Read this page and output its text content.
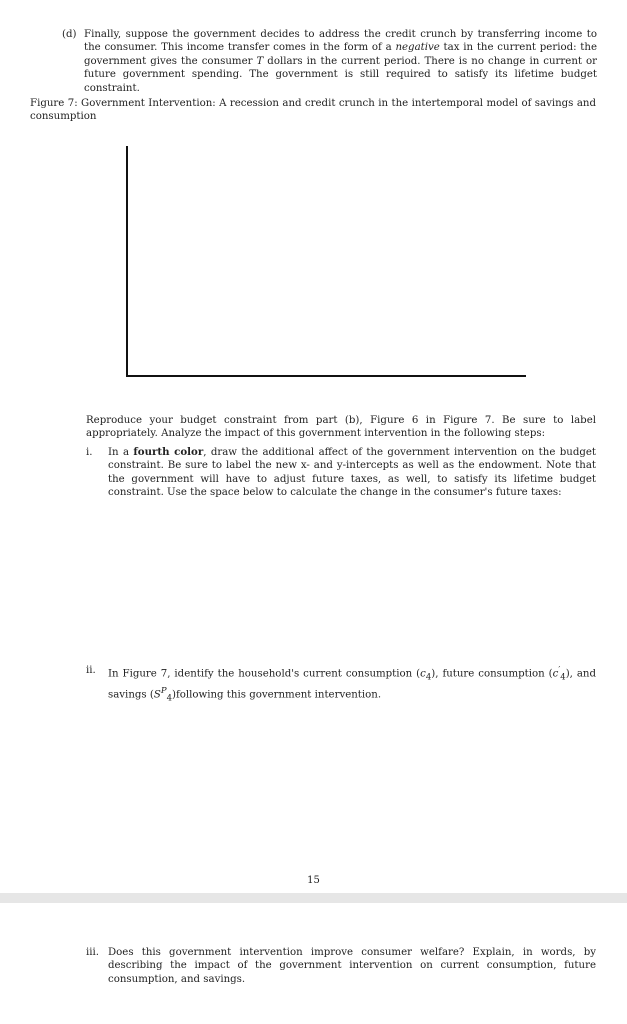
(d) Finally, suppose the government decides to address the credit crunch by transferring income to the consumer. This income transfer comes in the form of a negative tax in the current period: the government gives the consumer T dollars in the current period. There is no change in current or future government spending. The government is still required to satisfy its lifetime budget constraint.
Figure 7: Government Intervention: A recession and credit crunch in the intertemporal model of savings and consumption
Reproduce your budget constraint from part (b), Figure 6 in Figure 7. Be sure to label appropriately. Analyze the impact of this government intervention in the following steps:
i. In a fourth color, draw the additional affect of the government intervention on the budget constraint. Be sure to label the new x- and y-intercepts as well as the endowment. Note that the government will have to adjust future taxes, as well, to satisfy its lifetime budget constraint. Use the space below to calculate the change in the consumer's future taxes:
ii. In Figure 7, identify the household's current consumption $(c_4)$, future consumption $(c'_4)$, and savings $(S^P_4)following$ this government intervention.
15
iii. Does this government intervention improve consumer welfare? Explain, in words, by describing the impact of the government intervention on current consumption, future consumption, and savings.
